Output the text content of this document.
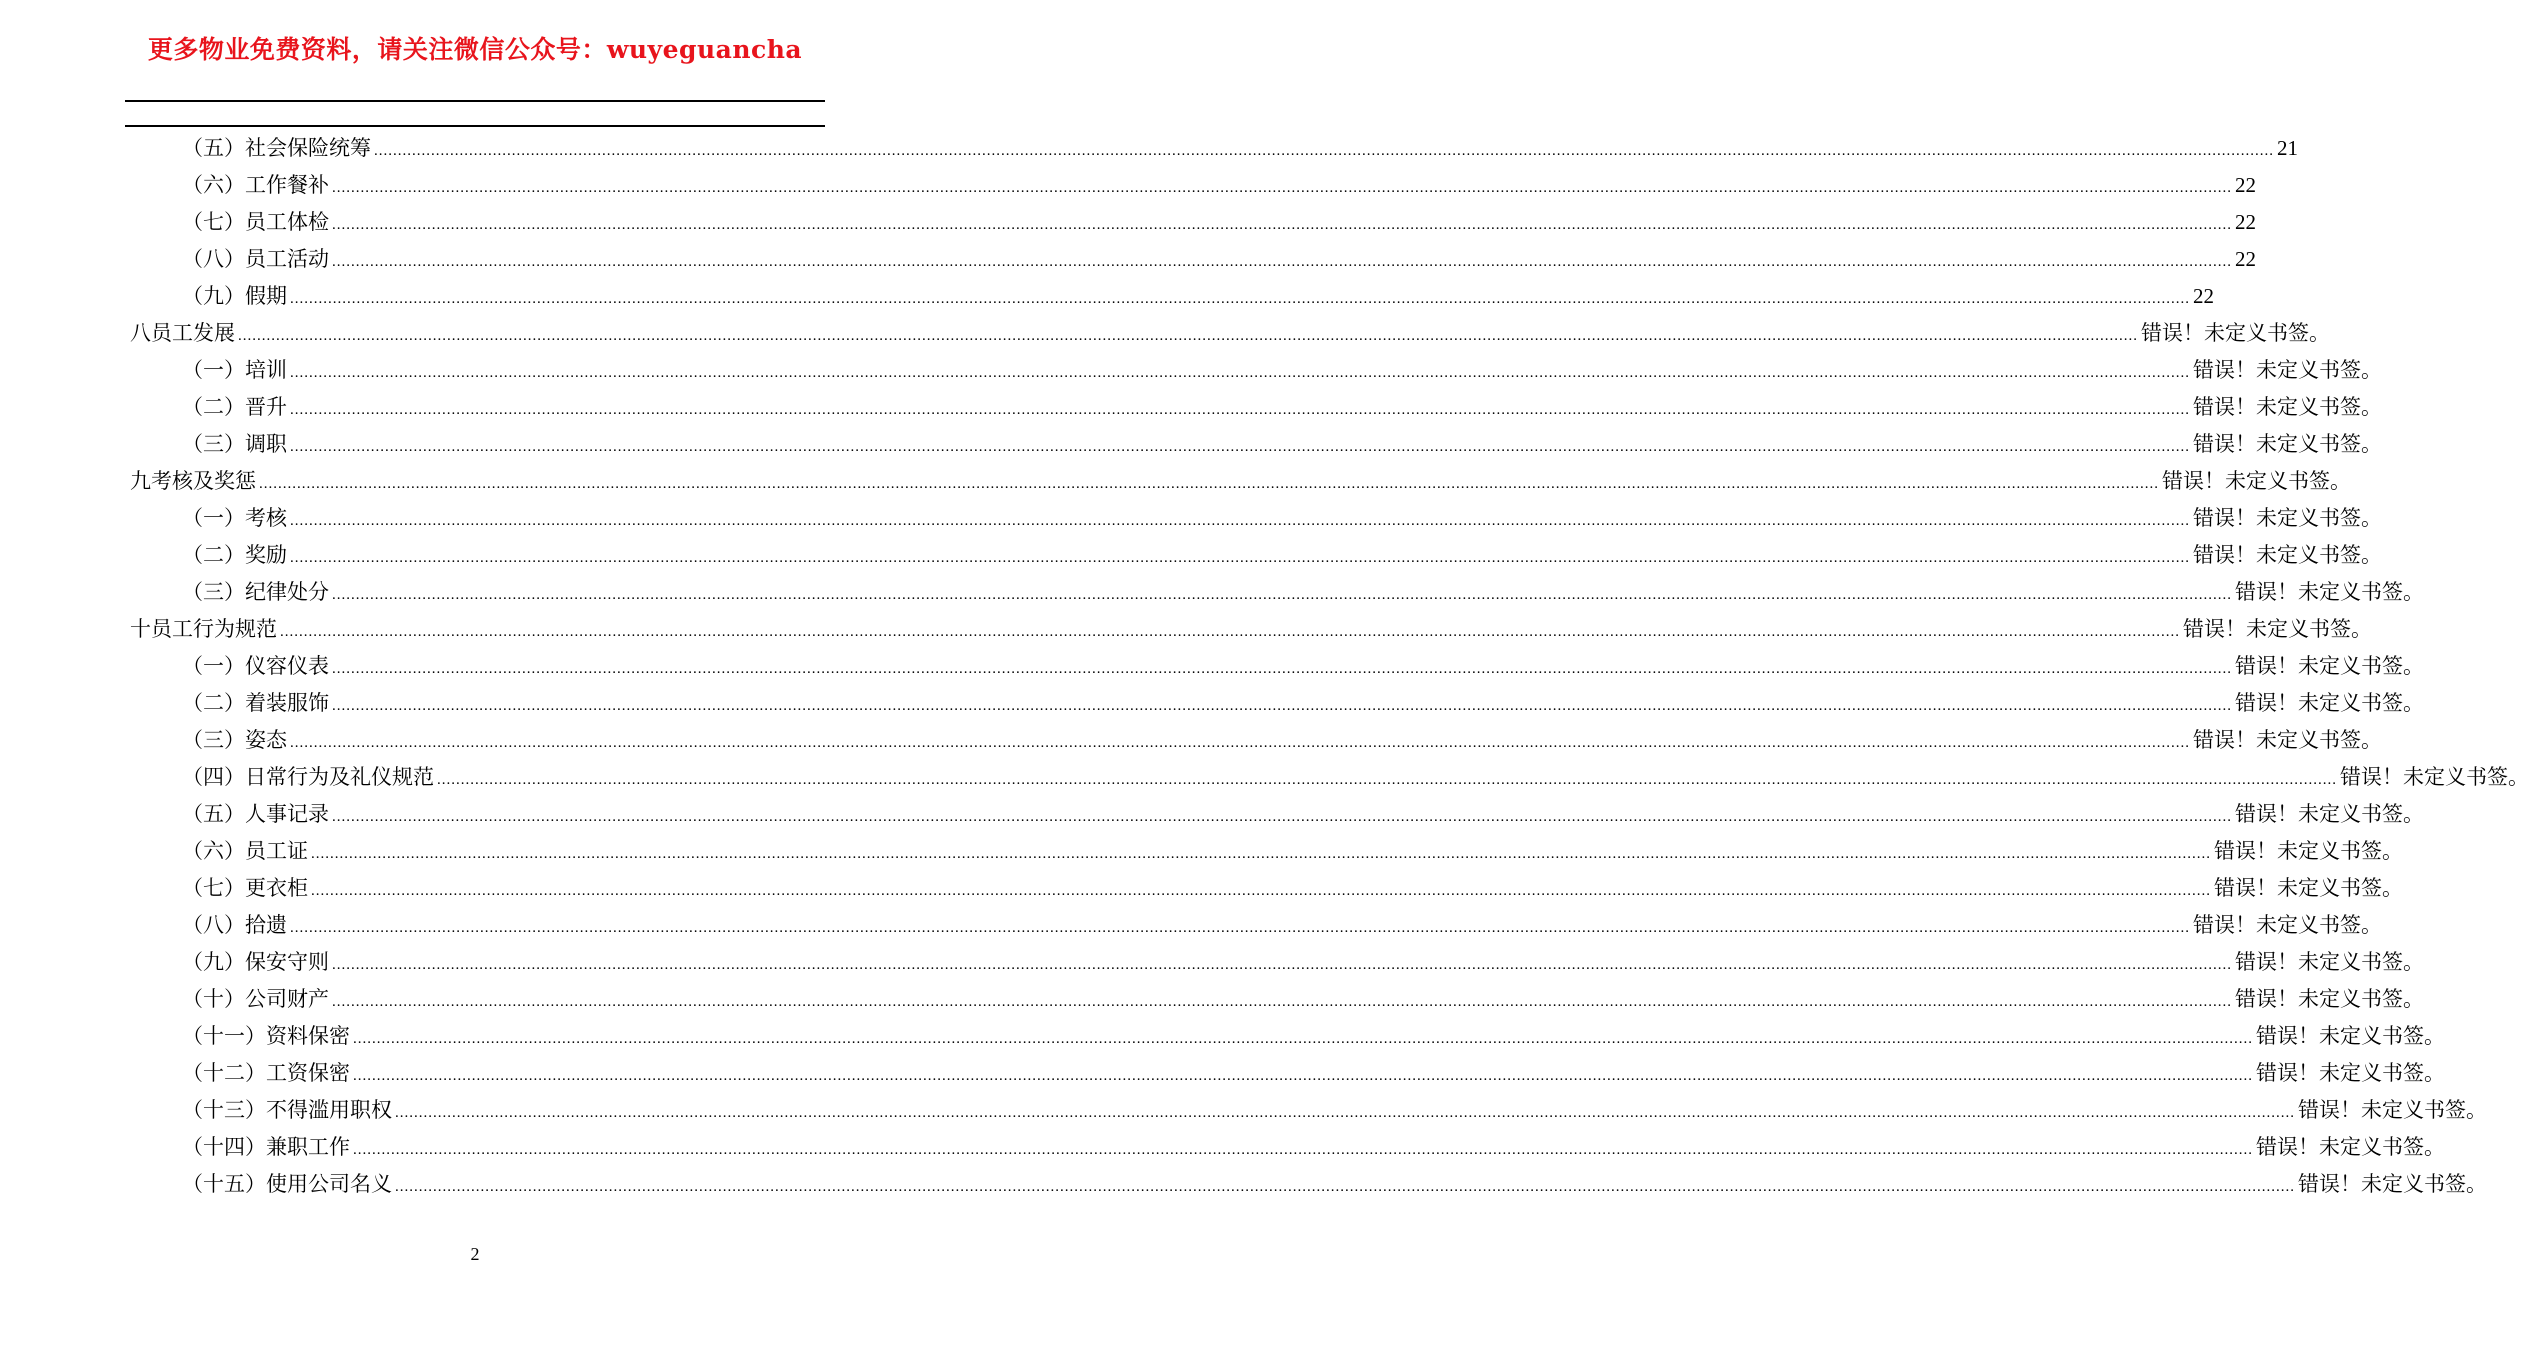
更多物业免费资料，请关注微信公众号：wuyeguancha
（五）社会保险统筹 ................................................................................................................................................................................................................................................................................................................................................................................................................ 21
（六）工作餐补 ................................................................................................................................................................................................................................................................................................................................................................................................................ 22
（七）员工体检 ................................................................................................................................................................................................................................................................................................................................................................................................................ 22
（八）员工活动 ................................................................................................................................................................................................................................................................................................................................................................................................................ 22
（九）假期 ................................................................................................................................................................................................................................................................................................................................................................................................................ 22
八 员工发展 ................................................................................................................................................................................................................................................................................................................................................................................................................ 错误！未定义书签。
（一）培训 ................................................................................................................................................................................................................................................................................................................................................................................................................ 错误！未定义书签。
（二）晋升 ................................................................................................................................................................................................................................................................................................................................................................................................................ 错误！未定义书签。
（三）调职 ................................................................................................................................................................................................................................................................................................................................................................................................................ 错误！未定义书签。
九 考核及奖惩 ................................................................................................................................................................................................................................................................................................................................................................................................................ 错误！未定义书签。
（一）考核 ................................................................................................................................................................................................................................................................................................................................................................................................................ 错误！未定义书签。
（二）奖励 ................................................................................................................................................................................................................................................................................................................................................................................................................ 错误！未定义书签。
（三）纪律处分 ................................................................................................................................................................................................................................................................................................................................................................................................................ 错误！未定义书签。
十 员工行为规范 ................................................................................................................................................................................................................................................................................................................................................................................................................ 错误！未定义书签。
（一）仪容仪表 ................................................................................................................................................................................................................................................................................................................................................................................................................ 错误！未定义书签。
（二）着装服饰 ................................................................................................................................................................................................................................................................................................................................................................................................................ 错误！未定义书签。
（三）姿态 ................................................................................................................................................................................................................................................................................................................................................................................................................ 错误！未定义书签。
（四）日常行为及礼仪规范 ................................................................................................................................................................................................................................................................................................................................................................................................................ 错误！未定义书签。
（五）人事记录 ................................................................................................................................................................................................................................................................................................................................................................................................................ 错误！未定义书签。
（六）员工证 ................................................................................................................................................................................................................................................................................................................................................................................................................ 错误！未定义书签。
（七）更衣柜 ................................................................................................................................................................................................................................................................................................................................................................................................................ 错误！未定义书签。
（八）拾遗 ................................................................................................................................................................................................................................................................................................................................................................................................................ 错误！未定义书签。
（九）保安守则 ................................................................................................................................................................................................................................................................................................................................................................................................................ 错误！未定义书签。
（十）公司财产 ................................................................................................................................................................................................................................................................................................................................................................................................................ 错误！未定义书签。
（十一）资料保密 ................................................................................................................................................................................................................................................................................................................................................................................................................ 错误！未定义书签。
（十二）工资保密 ................................................................................................................................................................................................................................................................................................................................................................................................................ 错误！未定义书签。
（十三）不得滥用职权 ................................................................................................................................................................................................................................................................................................................................................................................................................ 错误！未定义书签。
（十四）兼职工作 ................................................................................................................................................................................................................................................................................................................................................................................................................ 错误！未定义书签。
（十五）使用公司名义 ................................................................................................................................................................................................................................................................................................................................................................................................................ 错误！未定义书签。
2
